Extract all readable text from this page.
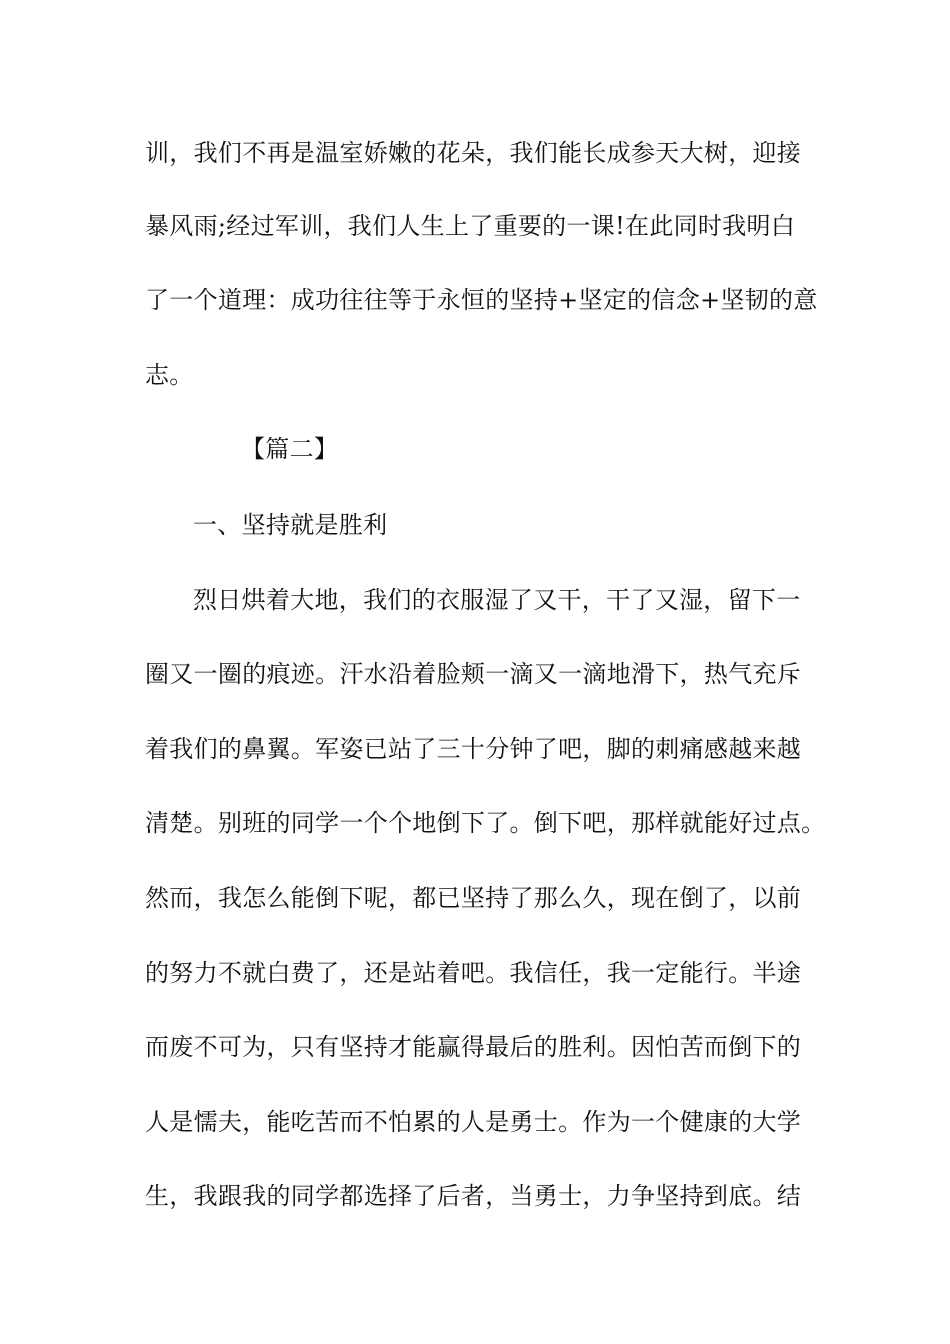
训，我们不再是温室娇嫩的花朵，我们能长成参天大树，迎接
暴风雨;经过军训，我们人生上了重要的一课!在此同时我明白
了一个道理：成功往往等于永恒的坚持+坚定的信念+坚韧的意
志。
【篇二】
一、坚持就是胜利
烈日烘着大地，我们的衣服湿了又干，干了又湿，留下一
圈又一圈的痕迹。汗水沿着脸颊一滴又一滴地滑下，热气充斥
着我们的鼻翼。军姿已站了三十分钟了吧，脚的刺痛感越来越
清楚。别班的同学一个个地倒下了。倒下吧，那样就能好过点。
然而，我怎么能倒下呢，都已坚持了那么久，现在倒了，以前
的努力不就白费了，还是站着吧。我信任，我一定能行。半途
而废不可为，只有坚持才能赢得最后的胜利。因怕苦而倒下的
人是懦夫，能吃苦而不怕累的人是勇士。作为一个健康的大学
生，我跟我的同学都选择了后者，当勇士，力争坚持到底。结
